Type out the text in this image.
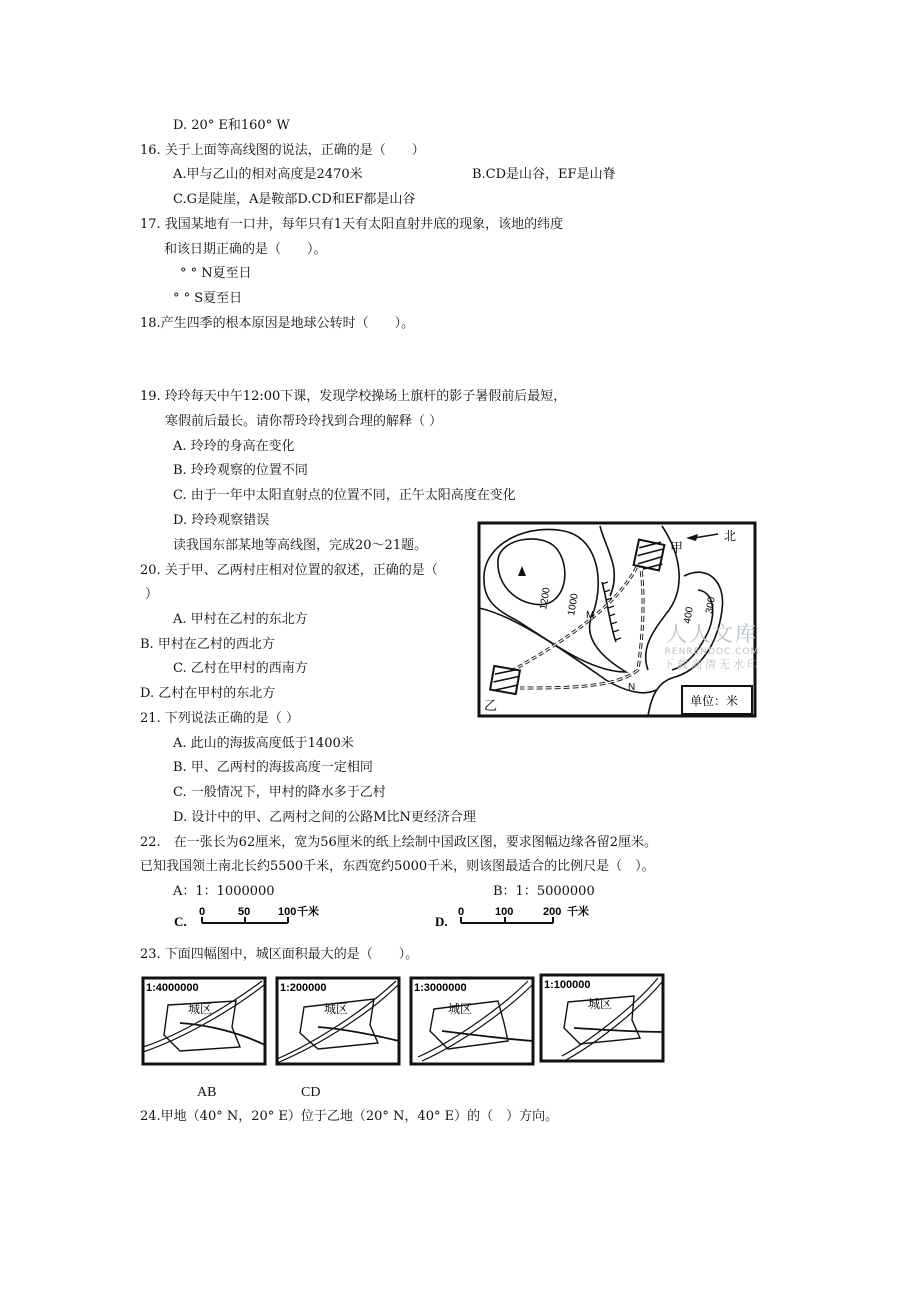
D. 20° E和160° W
16. 关于上面等高线图的说法，正确的是（　　）
A.甲与乙山的相对高度是2470米	B.CD是山谷，EF是山脊
C.G是陡崖，A是鞍部D.CD和EF都是山谷
17. 我国某地有一口井，每年只有1天有太阳直射井底的现象，该地的纬度
和该日期正确的是（　　）。
° ° N夏至日
° ° S夏至日
18.产生四季的根本原因是地球公转时（　　）。
19. 玲玲每天中午12:00下课，发现学校操场上旗杆的影子暑假前后最短，
寒假前后最长。请你帮玲玲找到合理的解释（ ）
A. 玲玲的身高在变化
B. 玲玲观察的位置不同
C. 由于一年中太阳直射点的位置不同，正午太阳高度在变化
D. 玲玲观察错误
读我国东部某地等高线图，完成20～21题。
20. 关于甲、乙两村庄相对位置的叙述，正确的是（
）
A. 甲村在乙村的东北方
B. 甲村在乙村的西北方
C. 乙村在甲村的西南方
D. 乙村在甲村的东北方
21. 下列说法正确的是（ ）
A. 此山的海拔高度低于1400米
B. 甲、乙两村的海拔高度一定相同
C. 一般情况下，甲村的降水多于乙村
D. 设计中的甲、乙两村之间的公路M比N更经济合理
22.　在一张长为62厘米，宽为56厘米的纸上绘制中国政区图，要求图幅边缘各留2厘米。
已知我国领土南北长约5500千米，东西宽约5000千米，则该图最适合的比例尺是（　）。
A：1：1000000	B：1：5000000
23. 下面四幅图中，城区面积最大的是（　　）。
AB	CD
24.甲地（40° N，20° E）位于乙地（20° N，40° E）的（　）方向。
C.
0	50	100 千米
D.
0	100	200 千米
甲
北
乙
1200 1000	400
300
M
N
单位：米
人人文库
RENRENDOC.COM
下载高清无水印
1:4000000
城区
1:200000
城区
1:3000000
城区
1:100000
城区
